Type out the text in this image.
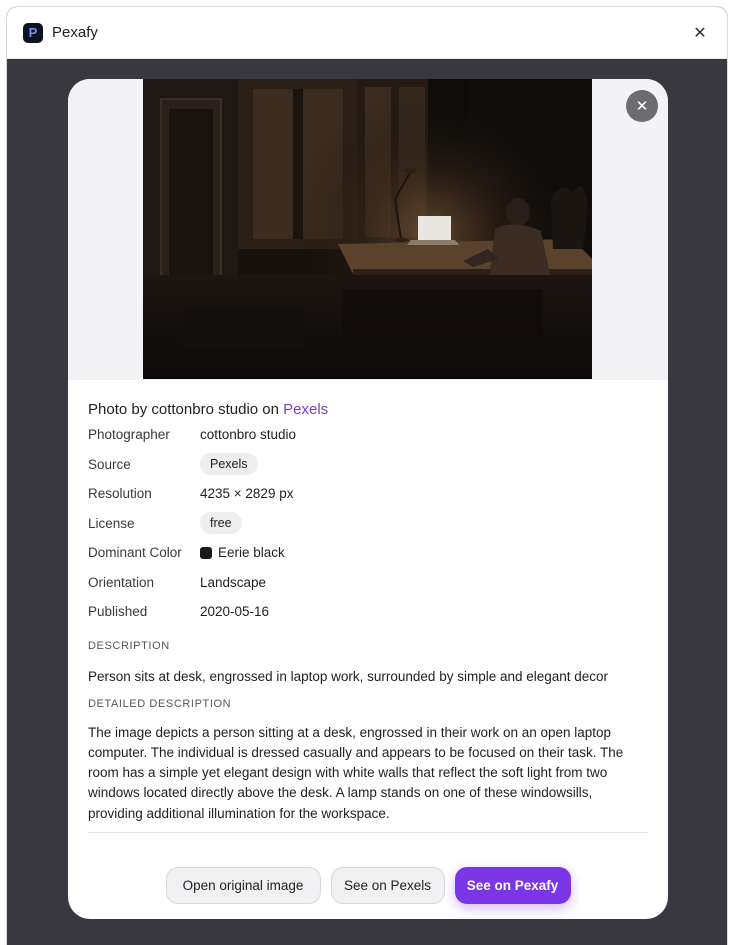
P Pexafy	✕
✕
Photo by cottonbro studio on Pexels
Photographer	cottonbro studio
Source	Pexels
Resolution	4235 × 2829 px
License	free
Dominant Color	Eerie black
Orientation	Landscape
Published	2020-05-16
DESCRIPTION

Person sits at desk, engrossed in laptop work, surrounded by simple and elegant decor

DETAILED DESCRIPTION

The image depicts a person sitting at a desk, engrossed in their work on an open laptop computer. The individual is dressed casually and appears to be focused on their task. The room has a simple yet elegant design with white walls that reflect the soft light from two windows located directly above the desk. A lamp stands on one of these windowsills, providing additional illumination for the workspace.

Open original image	See on Pexels	See on Pexafy
